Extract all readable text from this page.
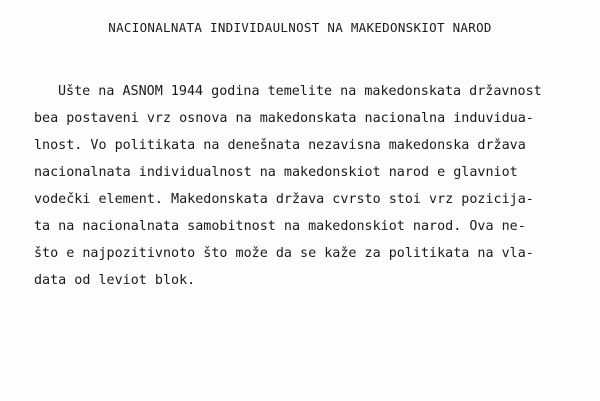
NACIONALNATA INDIVIDAULNOST NA MAKEDONSKIOT NAROD
Ušte na ASNOM 1944 godina temelite na makedonskata državnost
bea postaveni vrz osnova na makedonskata nacionalna induvidua-
lnost. Vo politikata na denešnata nezavisna makedonska država
nacionalnata individualnost na makedonskiot narod e glavniot
vodečki element. Makedonskata država cvrsto stoi vrz pozicija-
ta na nacionalnata samobitnost na makedonskiot narod. Ova ne-
što e najpozitivnoto što može da se kaže za politikata na vla-
data od leviot blok.
